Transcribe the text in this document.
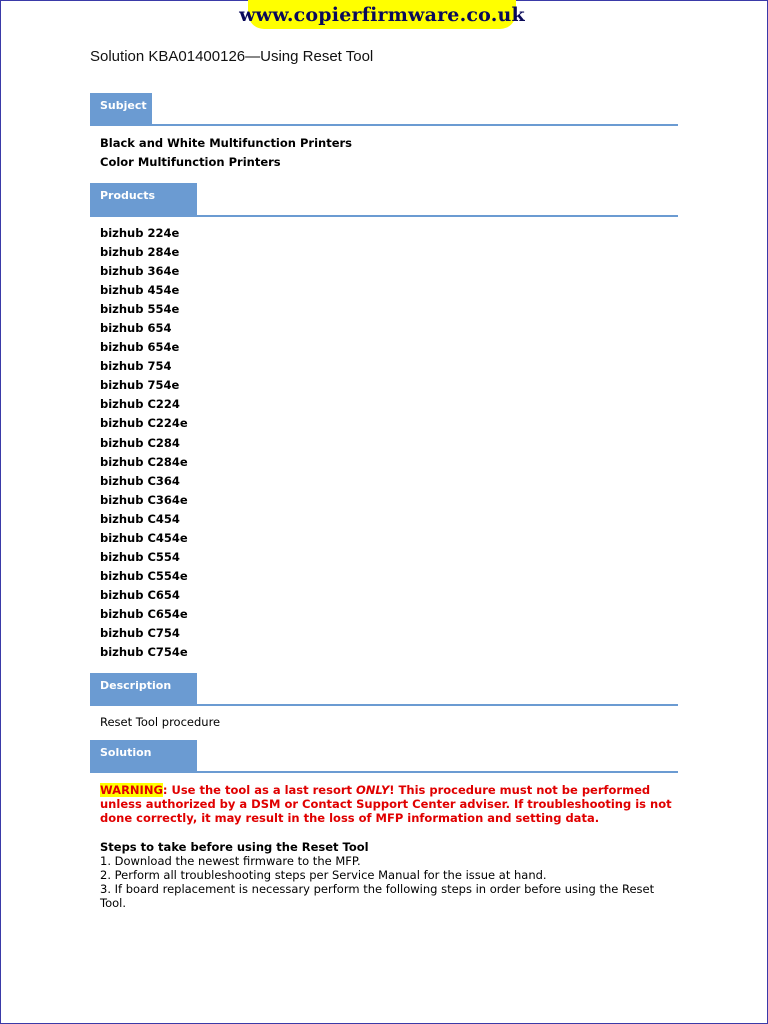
www.copierfirmware.co.uk
Solution KBA01400126—Using Reset Tool
Subject
Black and White Multifunction Printers
Color Multifunction Printers
Products
bizhub 224e
bizhub 284e
bizhub 364e
bizhub 454e
bizhub 554e
bizhub 654
bizhub 654e
bizhub 754
bizhub 754e
bizhub C224
bizhub C224e
bizhub C284
bizhub C284e
bizhub C364
bizhub C364e
bizhub C454
bizhub C454e
bizhub C554
bizhub C554e
bizhub C654
bizhub C654e
bizhub C754
bizhub C754e
Description
Reset Tool procedure
Solution
WARNING: Use the tool as a last resort ONLY! This procedure must not be performed unless authorized by a DSM or Contact Support Center adviser. If troubleshooting is not done correctly, it may result in the loss of MFP information and setting data.
Steps to take before using the Reset Tool
1. Download the newest firmware to the MFP.
2. Perform all troubleshooting steps per Service Manual for the issue at hand.
3. If board replacement is necessary perform the following steps in order before using the Reset Tool.
